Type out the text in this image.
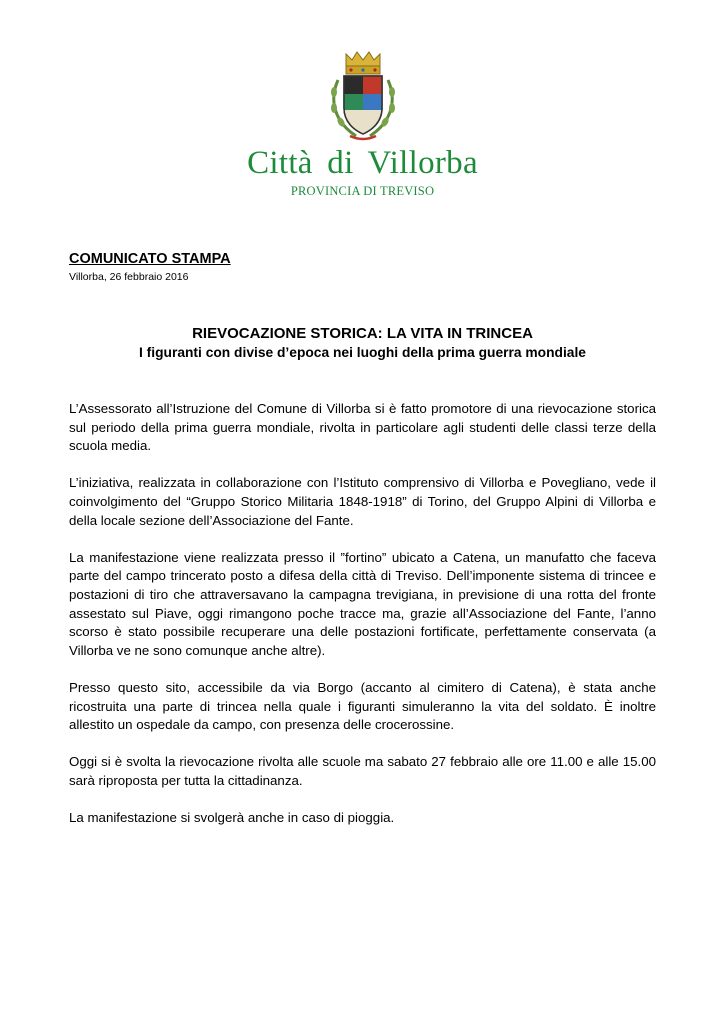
Città di Villorba
PROVINCIA DI TREVISO
COMUNICATO STAMPA
Villorba, 26 febbraio 2016
RIEVOCAZIONE STORICA: LA VITA IN TRINCEA
I figuranti con divise d’epoca nei luoghi della prima guerra mondiale

L’Assessorato all’Istruzione del Comune di Villorba si è fatto promotore di una rievocazione storica sul periodo della prima guerra mondiale, rivolta in particolare agli studenti delle classi terze della scuola media.

L’iniziativa, realizzata in collaborazione con l’Istituto comprensivo di Villorba e Povegliano, vede il coinvolgimento del “Gruppo Storico Militaria 1848-1918” di Torino, del Gruppo Alpini di Villorba e della locale sezione dell’Associazione del Fante.

La manifestazione viene realizzata presso il ”fortino” ubicato a Catena, un manufatto che faceva parte del campo trincerato posto a difesa della città di Treviso. Dell’imponente sistema di trincee e postazioni di tiro che attraversavano la campagna trevigiana, in previsione di una rotta del fronte assestato sul Piave, oggi rimangono poche tracce ma, grazie all’Associazione del Fante, l’anno scorso è stato possibile recuperare una delle postazioni fortificate, perfettamente conservata (a Villorba ve ne sono comunque anche altre).

Presso questo sito, accessibile da via Borgo (accanto al cimitero di Catena), è stata anche ricostruita una parte di trincea nella quale i figuranti simuleranno la vita del soldato. È inoltre allestito un ospedale da campo, con presenza delle crocerossine.

Oggi si è svolta la rievocazione rivolta alle scuole ma sabato 27 febbraio alle ore 11.00 e alle 15.00 sarà riproposta per tutta la cittadinanza.

La manifestazione si svolgerà anche in caso di pioggia.
